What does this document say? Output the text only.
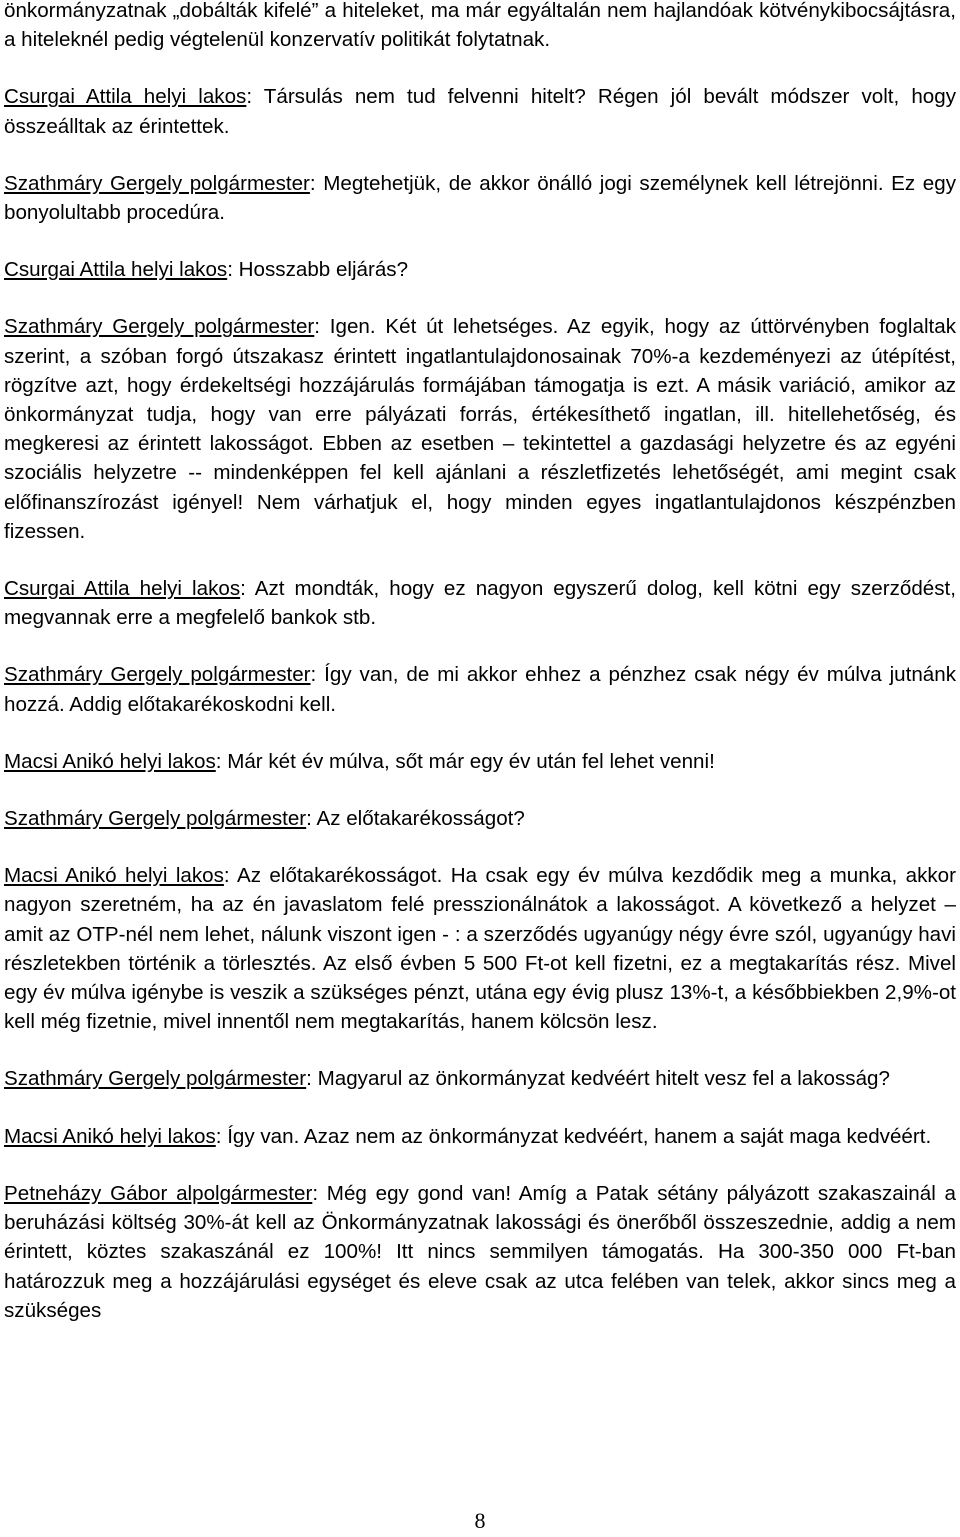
önkormányzatnak „dobálták kifelé” a hiteleket, ma már egyáltalán nem hajlandóak kötvénykibocsájtásra, a hiteleknél pedig végtelenül konzervatív politikát folytatnak.

Csurgai Attila helyi lakos: Társulás nem tud felvenni hitelt? Régen jól bevált módszer volt, hogy összeálltak az érintettek.

Szathmáry Gergely polgármester: Megtehetjük, de akkor önálló jogi személynek kell létrejönni. Ez egy bonyolultabb procedúra.

Csurgai Attila helyi lakos: Hosszabb eljárás?

Szathmáry Gergely polgármester: Igen. Két út lehetséges. Az egyik, hogy az úttörvényben foglaltak szerint, a szóban forgó útszakasz érintett ingatlantulajdonosainak 70%-a kezdeményezi az útépítést, rögzítve azt, hogy érdekeltségi hozzájárulás formájában támogatja is ezt. A másik variáció, amikor az önkormányzat tudja, hogy van erre pályázati forrás, értékesíthető ingatlan, ill. hitellehetőség, és megkeresi az érintett lakosságot. Ebben az esetben – tekintettel a gazdasági helyzetre és az egyéni szociális helyzetre -- mindenképpen fel kell ajánlani a részletfizetés lehetőségét, ami megint csak előfinanszírozást igényel! Nem várhatjuk el, hogy minden egyes ingatlantulajdonos készpénzben fizessen.

Csurgai Attila helyi lakos: Azt mondták, hogy ez nagyon egyszerű dolog, kell kötni egy szerződést, megvannak erre a megfelelő bankok stb.

Szathmáry Gergely polgármester: Így van, de mi akkor ehhez a pénzhez csak négy év múlva jutnánk hozzá. Addig előtakarékoskodni kell.

Macsi Anikó helyi lakos: Már két év múlva, sőt már egy év után fel lehet venni!

Szathmáry Gergely polgármester: Az előtakarékosságot?

Macsi Anikó helyi lakos: Az előtakarékosságot. Ha csak egy év múlva kezdődik meg a munka, akkor nagyon szeretném, ha az én javaslatom felé presszionálnátok a lakosságot. A következő a helyzet – amit az OTP-nél nem lehet, nálunk viszont igen - : a szerződés ugyanúgy négy évre szól, ugyanúgy havi részletekben történik a törlesztés. Az első évben 5 500 Ft-ot kell fizetni, ez a megtakarítás rész. Mivel egy év múlva igénybe is veszik a szükséges pénzt, utána egy évig plusz 13%-t, a későbbiekben 2,9%-ot kell még fizetnie, mivel innentől nem megtakarítás, hanem kölcsön lesz.

Szathmáry Gergely polgármester: Magyarul az önkormányzat kedvéért hitelt vesz fel a lakosság?

Macsi Anikó helyi lakos: Így van. Azaz nem az önkormányzat kedvéért, hanem a saját maga kedvéért.

Petneházy Gábor alpolgármester: Még egy gond van! Amíg a Patak sétány pályázott szakaszainál a beruházási költség 30%-át kell az Önkormányzatnak lakossági és önerőből összeszednie, addig a nem érintett, köztes szakaszánál ez 100%! Itt nincs semmilyen támogatás. Ha 300-350 000 Ft-ban határozzuk meg a hozzájárulási egységet és eleve csak az utca felében van telek, akkor sincs meg a szükséges

8
